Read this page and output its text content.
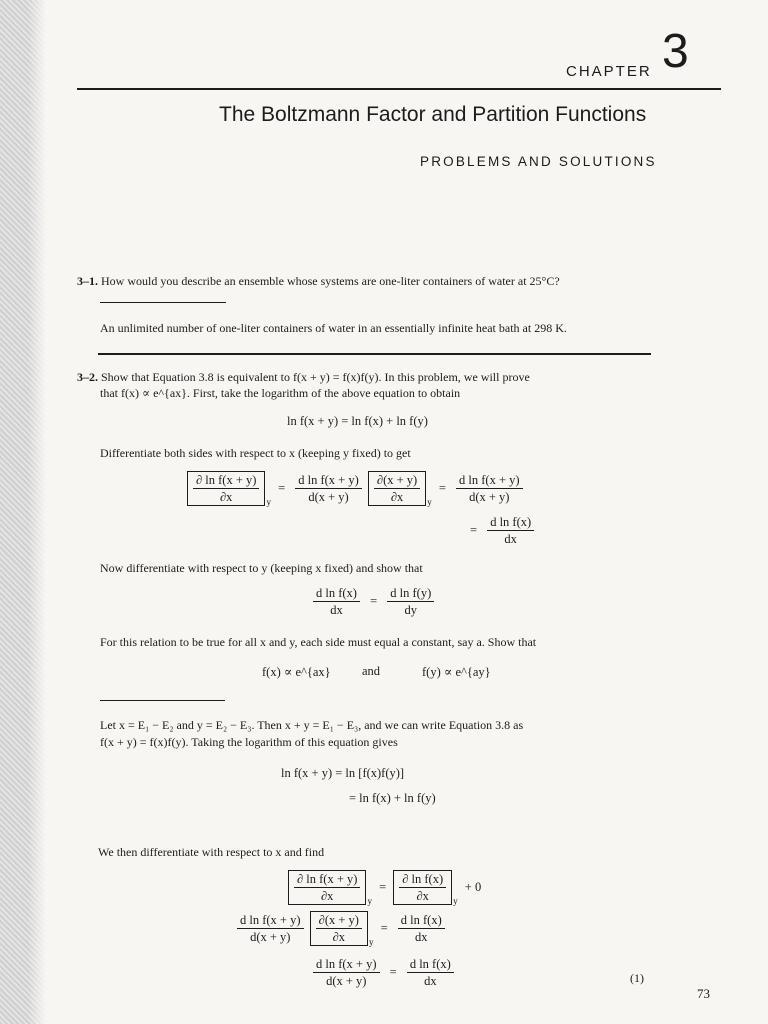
CHAPTER 3
The Boltzmann Factor and Partition Functions
PROBLEMS AND SOLUTIONS
3–1. How would you describe an ensemble whose systems are one-liter containers of water at 25°C?
An unlimited number of one-liter containers of water in an essentially infinite heat bath at 298 K.
3–2. Show that Equation 3.8 is equivalent to f(x + y) = f(x)f(y). In this problem, we will prove
that f(x) ∝ e^{ax}. First, take the logarithm of the above equation to obtain
ln f(x + y) = ln f(x) + ln f(y)
Differentiate both sides with respect to x (keeping y fixed) to get
$\frac{\text{∂ ln f(x + y)}}{\partial x} _y = \frac{\text{d ln f(x + y)}}{d(x + y)}$
$\frac{\partial(x + y)}{\partial x} _y = \frac{\text{d ln f(x + y)}}{d(x + y)}$
= $\frac{\text{d ln f(x)}}{dx}$
Now differentiate with respect to y (keeping x fixed) and show that
$\frac{\text{d ln f(x)}}{dx} = \frac{\text{d ln f(y)}}{dy}$
For this relation to be true for all x and y, each side must equal a constant, say a. Show that
f(x) ∝ e^{ax}	and	f(y) ∝ e^{ay}
Let x = E₁ − E₂ and y = E₂ − E₃. Then x + y = E₁ − E₃, and we can write Equation 3.8 as
f(x + y) = f(x)f(y). Taking the logarithm of this equation gives
ln f(x + y) = ln [f(x)f(y)]
= ln f(x) + ln f(y)
We then differentiate with respect to x and find
$\frac{\text{∂ ln f(x + y)}}{\partial x} _y = \frac{\text{∂ ln f(x)}}{\partial x} _y + 0$
$\frac{\text{d ln f(x + y)}}{d(x + y)}$
$\frac{\partial(x + y)}{\partial x} _y = \frac{\text{d ln f(x)}}{dx}$
$\frac{\text{d ln f(x + y)}}{d(x + y)} = \frac{\text{d ln f(x)}}{dx}$	(1)
73
